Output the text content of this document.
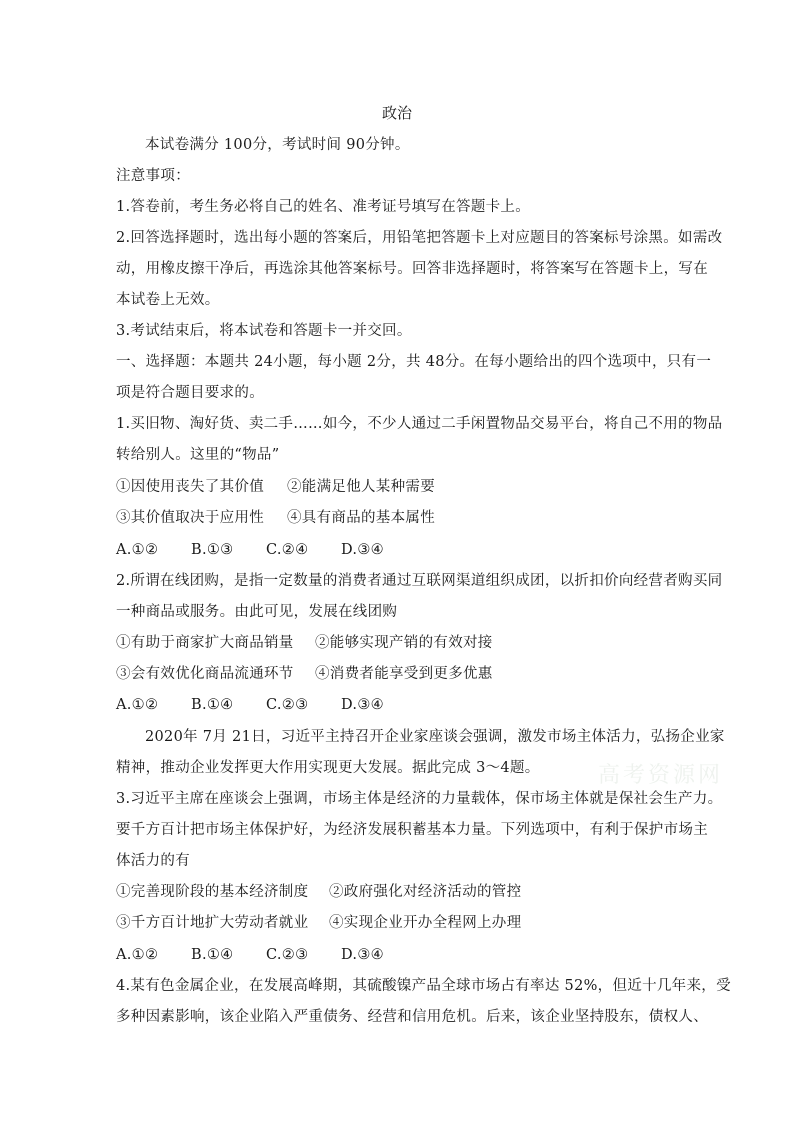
政治
本试卷满分 100分，考试时间 90分钟。
注意事项：
1.答卷前，考生务必将自己的姓名、准考证号填写在答题卡上。
2.回答选择题时，选出每小题的答案后，用铅笔把答题卡上对应题目的答案标号涂黑。如需改
动，用橡皮擦干净后，再选涂其他答案标号。回答非选择题时，将答案写在答题卡上，写在
本试卷上无效。
3.考试结束后，将本试卷和答题卡一并交回。
一、选择题：本题共 24小题，每小题 2分，共 48分。在每小题给出的四个选项中，只有一
项是符合题目要求的。
1.买旧物、淘好货、卖二手……如今，不少人通过二手闲置物品交易平台，将自己不用的物品
转给别人。这里的“物品”
①因使用丧失了其价值 ②能满足他人某种需要
③其价值取决于应用性 ④具有商品的基本属性
A.①② B.①③ C.②④ D.③④
2.所谓在线团购，是指一定数量的消费者通过互联网渠道组织成团，以折扣价向经营者购买同
一种商品或服务。由此可见，发展在线团购
①有助于商家扩大商品销量 ②能够实现产销的有效对接
③会有效优化商品流通环节 ④消费者能享受到更多优惠
A.①② B.①④ C.②③ D.③④
2020年 7月 21日，习近平主持召开企业家座谈会强调，激发市场主体活力，弘扬企业家
精神，推动企业发挥更大作用实现更大发展。据此完成 3～4题。
3.习近平主席在座谈会上强调，市场主体是经济的力量载体，保市场主体就是保社会生产力。
要千方百计把市场主体保护好，为经济发展积蓄基本力量。下列选项中，有利于保护市场主
体活力的有
①完善现阶段的基本经济制度 ②政府强化对经济活动的管控
③千方百计地扩大劳动者就业 ④实现企业开办全程网上办理
A.①② B.①④ C.②③ D.③④
4.某有色金属企业，在发展高峰期，其硫酸镍产品全球市场占有率达 52%，但近十几年来，受
多种因素影响，该企业陷入严重债务、经营和信用危机。后来，该企业坚持股东，债权人、
高考资源网
